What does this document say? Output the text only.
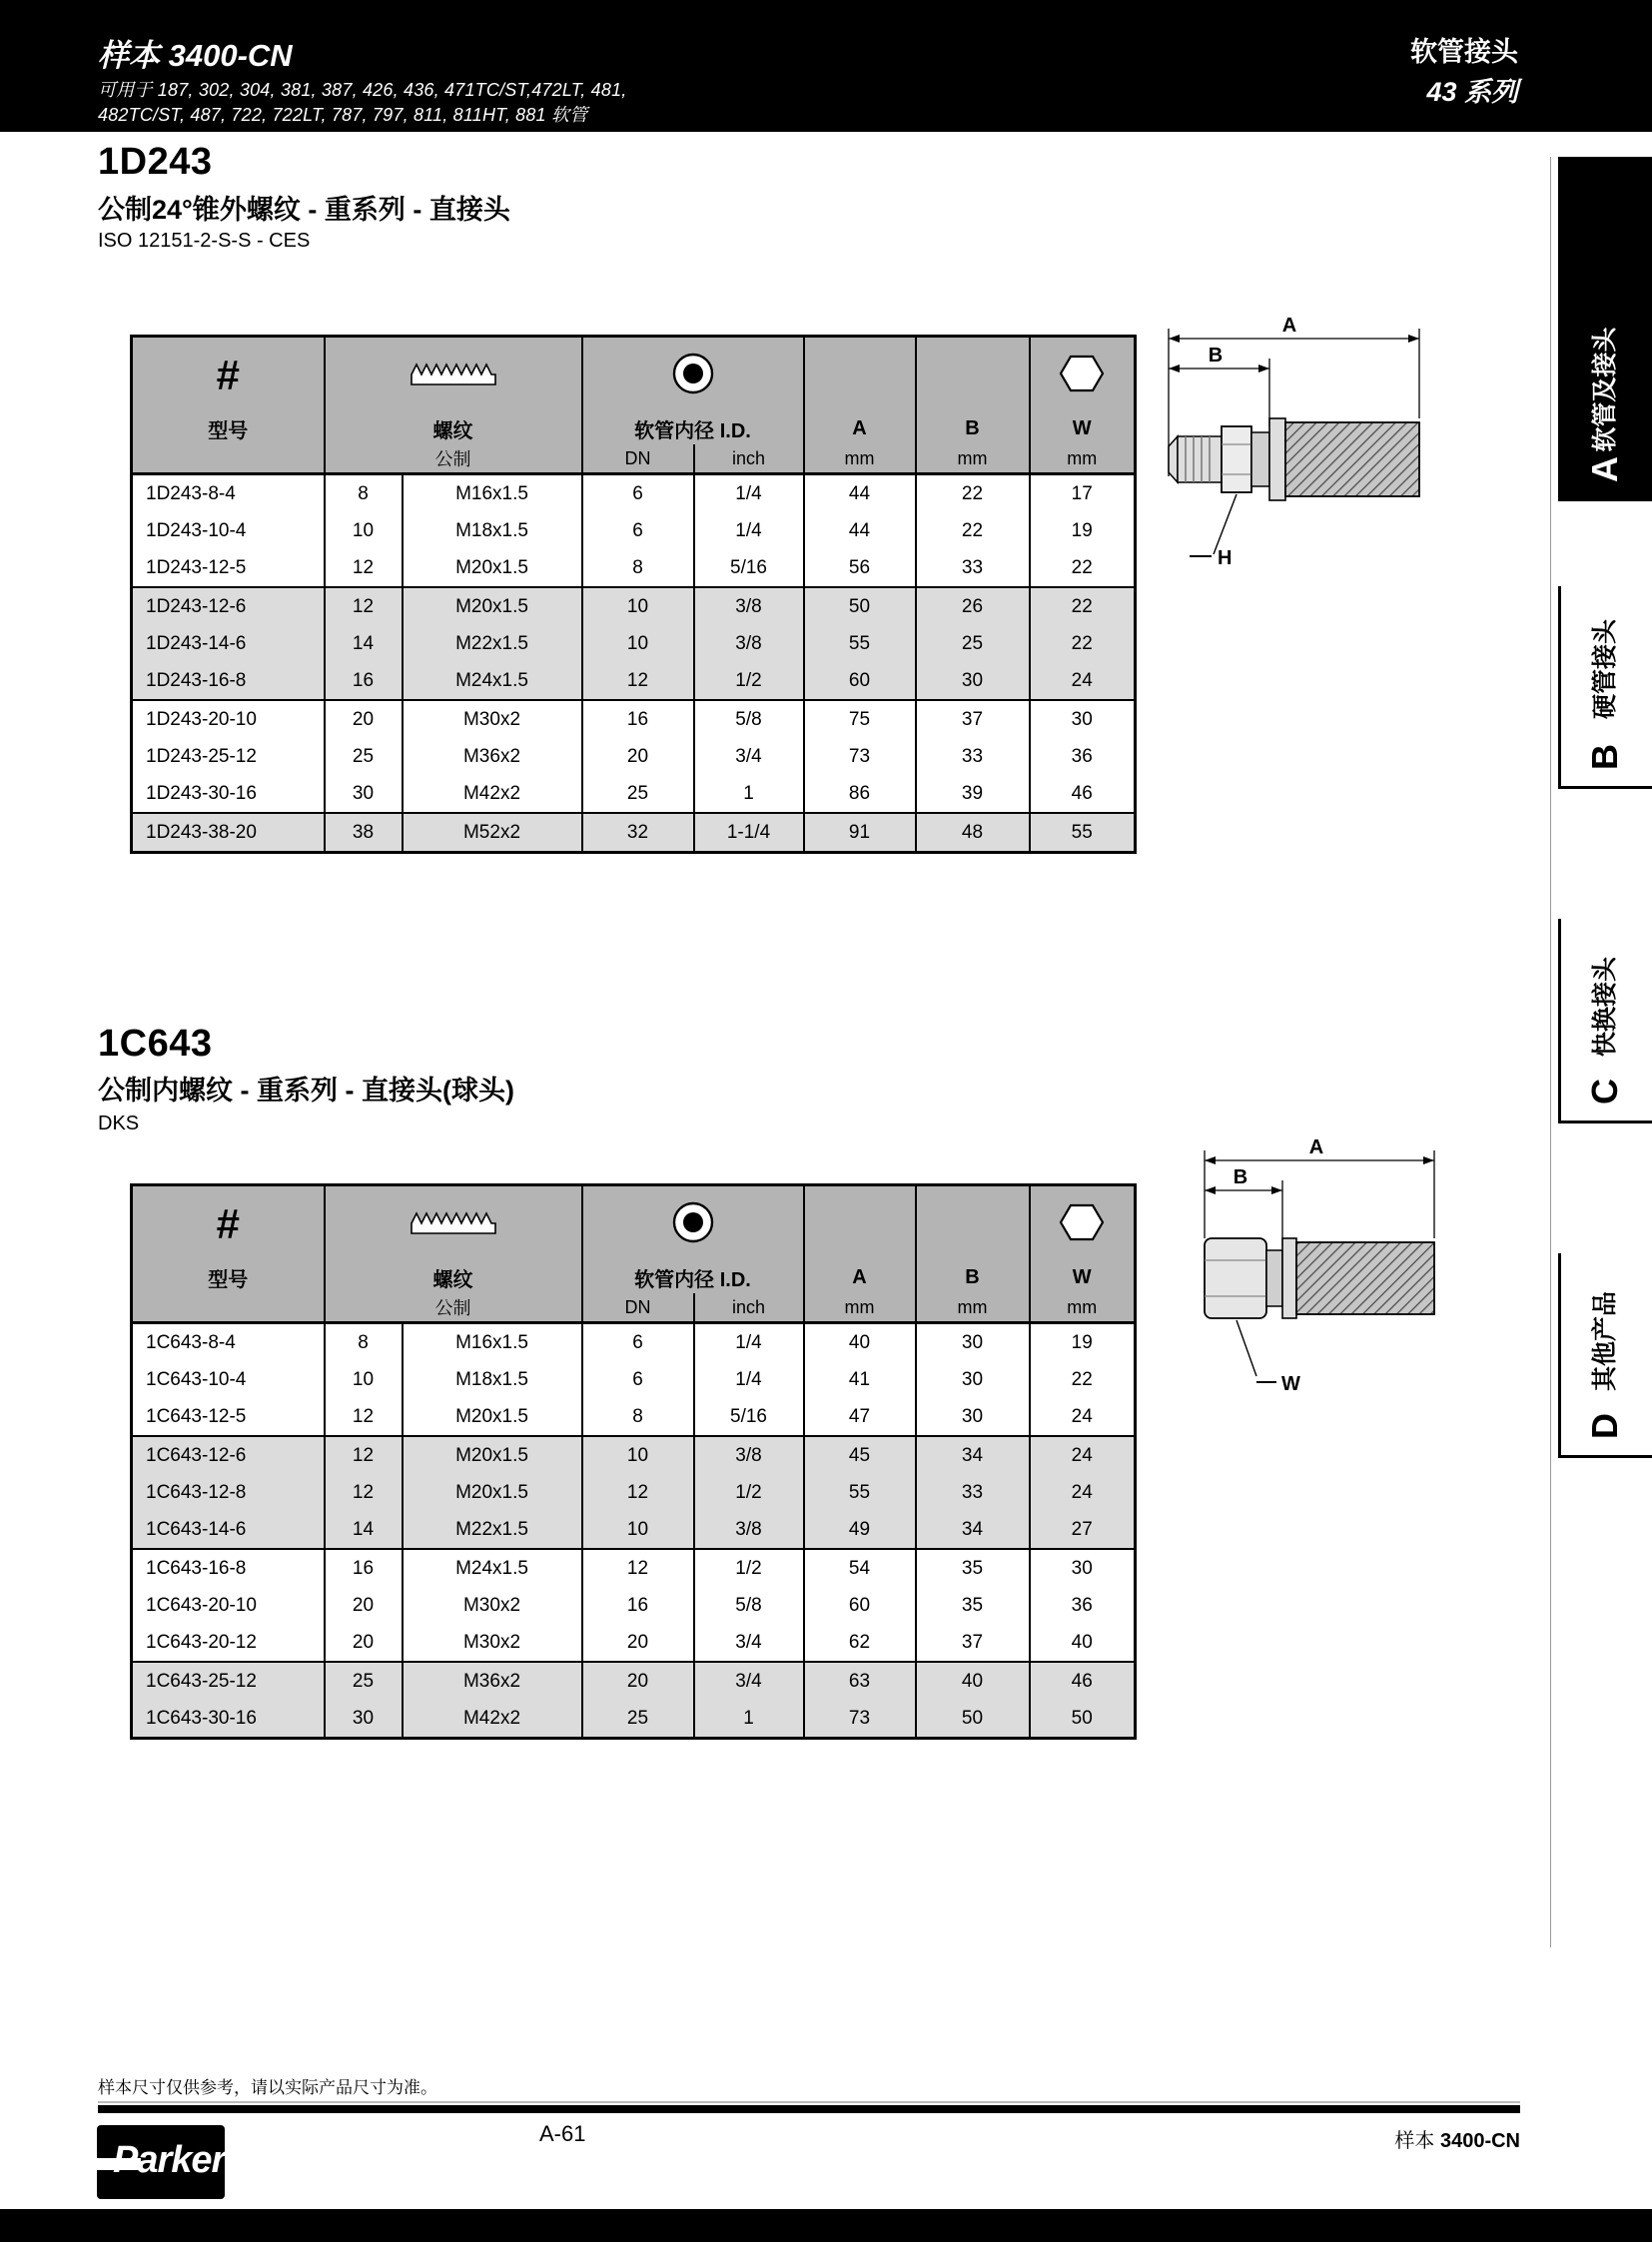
样本 3400-CN
可用于 187, 302, 304, 381, 387, 426, 436, 471TC/ST,472LT, 481,
482TC/ST, 487, 722, 722LT, 787, 797, 811, 811HT, 881 软管
软管接头
43 系列
1D243
公制24°锥外螺纹 - 重系列 - 直接头
ISO 12151-2-S-S - CES
#

型号	螺纹		软管内径 I.D.		A	B	W
	公制		DN	inch	mm	mm	mm
1D243-8-4	8	M16x1.5	6	1/4	44	22	17
1D243-10-4	10	M18x1.5	6	1/4	44	22	19
1D243-12-5	12	M20x1.5	8	5/16	56	33	22
1D243-12-6	12	M20x1.5	10	3/8	50	26	22
1D243-14-6	14	M22x1.5	10	3/8	55	25	22
1D243-16-8	16	M24x1.5	12	1/2	60	30	24
1D243-20-10	20	M30x2	16	5/8	75	37	30
1D243-25-12	25	M36x2	20	3/4	73	33	36
1D243-30-16	30	M42x2	25	1	86	39	46
1D243-38-20	38	M52x2	32	1-1/4	91	48	55
A
B
H
1C643
公制内螺纹 - 重系列 - 直接头(球头)
DKS
#

型号	螺纹		软管内径 I.D.		A	B	W
	公制		DN	inch	mm	mm	mm
1C643-8-4	8	M16x1.5	6	1/4	40	30	19
1C643-10-4	10	M18x1.5	6	1/4	41	30	22
1C643-12-5	12	M20x1.5	8	5/16	47	30	24
1C643-12-6	12	M20x1.5	10	3/8	45	34	24
1C643-12-8	12	M20x1.5	12	1/2	55	33	24
1C643-14-6	14	M22x1.5	10	3/8	49	34	27
1C643-16-8	16	M24x1.5	12	1/2	54	35	30
1C643-20-10	20	M30x2	16	5/8	60	35	36
1C643-20-12	20	M30x2	20	3/4	62	37	40
1C643-25-12	25	M36x2	20	3/4	63	40	46
1C643-30-16	30	M42x2	25	1	73	50	50
A
B
W
软管及接头
A
硬管接头
B
快换接头
C
其他产品
D
样本尺寸仅供参考，请以实际产品尺寸为准。
A-61	样本 3400-CN
Parker
